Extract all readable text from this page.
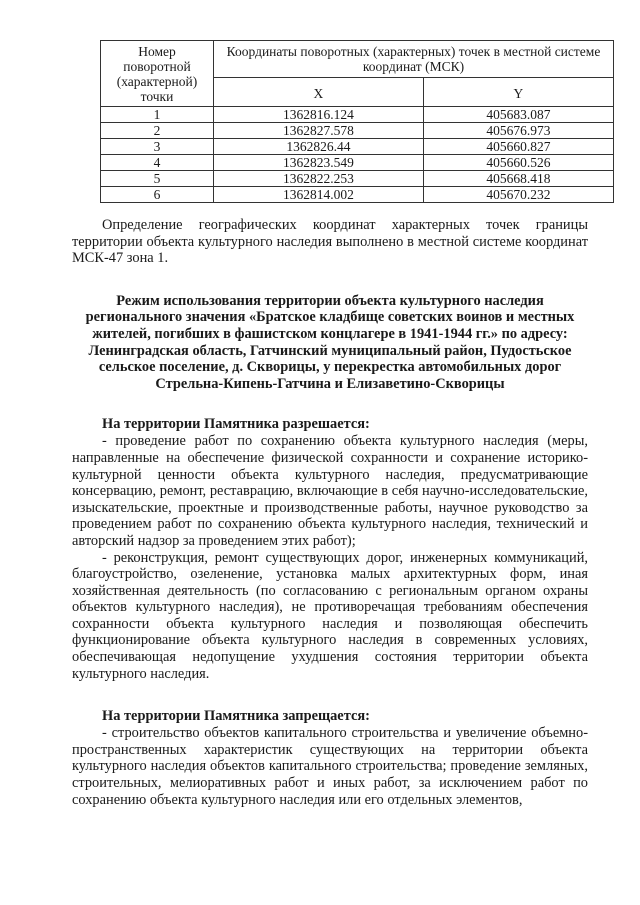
Номер поворотной (характерной) точки	Координаты поворотных (характерных) точек в местной системе координат (МСК)	
	X	Y
1	1362816.124	405683.087
2	1362827.578	405676.973
3	1362826.44	405660.827
4	1362823.549	405660.526
5	1362822.253	405668.418
6	1362814.002	405670.232

Определение географических координат характерных точек границы территории объекта культурного наследия выполнено в местной системе координат МСК-47 зона 1.

Режим использования территории объекта культурного наследия регионального значения «Братское кладбище советских воинов и местных жителей, погибших в фашистском концлагере в 1941-1944 гг.» по адресу: Ленинградская область, Гатчинский муниципальный район, Пудостьское сельское поселение, д. Скворицы, у перекрестка автомобильных дорог Стрельна-Кипень-Гатчина и Елизаветино-Скворицы

На территории Памятника разрешается:

- проведение работ по сохранению объекта культурного наследия (меры, направленные на обеспечение физической сохранности и сохранение историко-культурной ценности объекта культурного наследия, предусматривающие консервацию, ремонт, реставрацию, включающие в себя научно-исследовательские, изыскательские, проектные и производственные работы, научное руководство за проведением работ по сохранению объекта культурного наследия, технический и авторский надзор за проведением этих работ);

- реконструкция, ремонт существующих дорог, инженерных коммуникаций, благоустройство, озеленение, установка малых архитектурных форм, иная хозяйственная деятельность (по согласованию с региональным органом охраны объектов культурного наследия), не противоречащая требованиям обеспечения сохранности объекта культурного наследия и позволяющая обеспечить функционирование объекта культурного наследия в современных условиях, обеспечивающая недопущение ухудшения состояния территории объекта культурного наследия.

На территории Памятника запрещается:

- строительство объектов капитального строительства и увеличение объемно-пространственных характеристик существующих на территории объекта культурного наследия объектов капитального строительства; проведение земляных, строительных, мелиоративных работ и иных работ, за исключением работ по сохранению объекта культурного наследия или его отдельных элементов,
